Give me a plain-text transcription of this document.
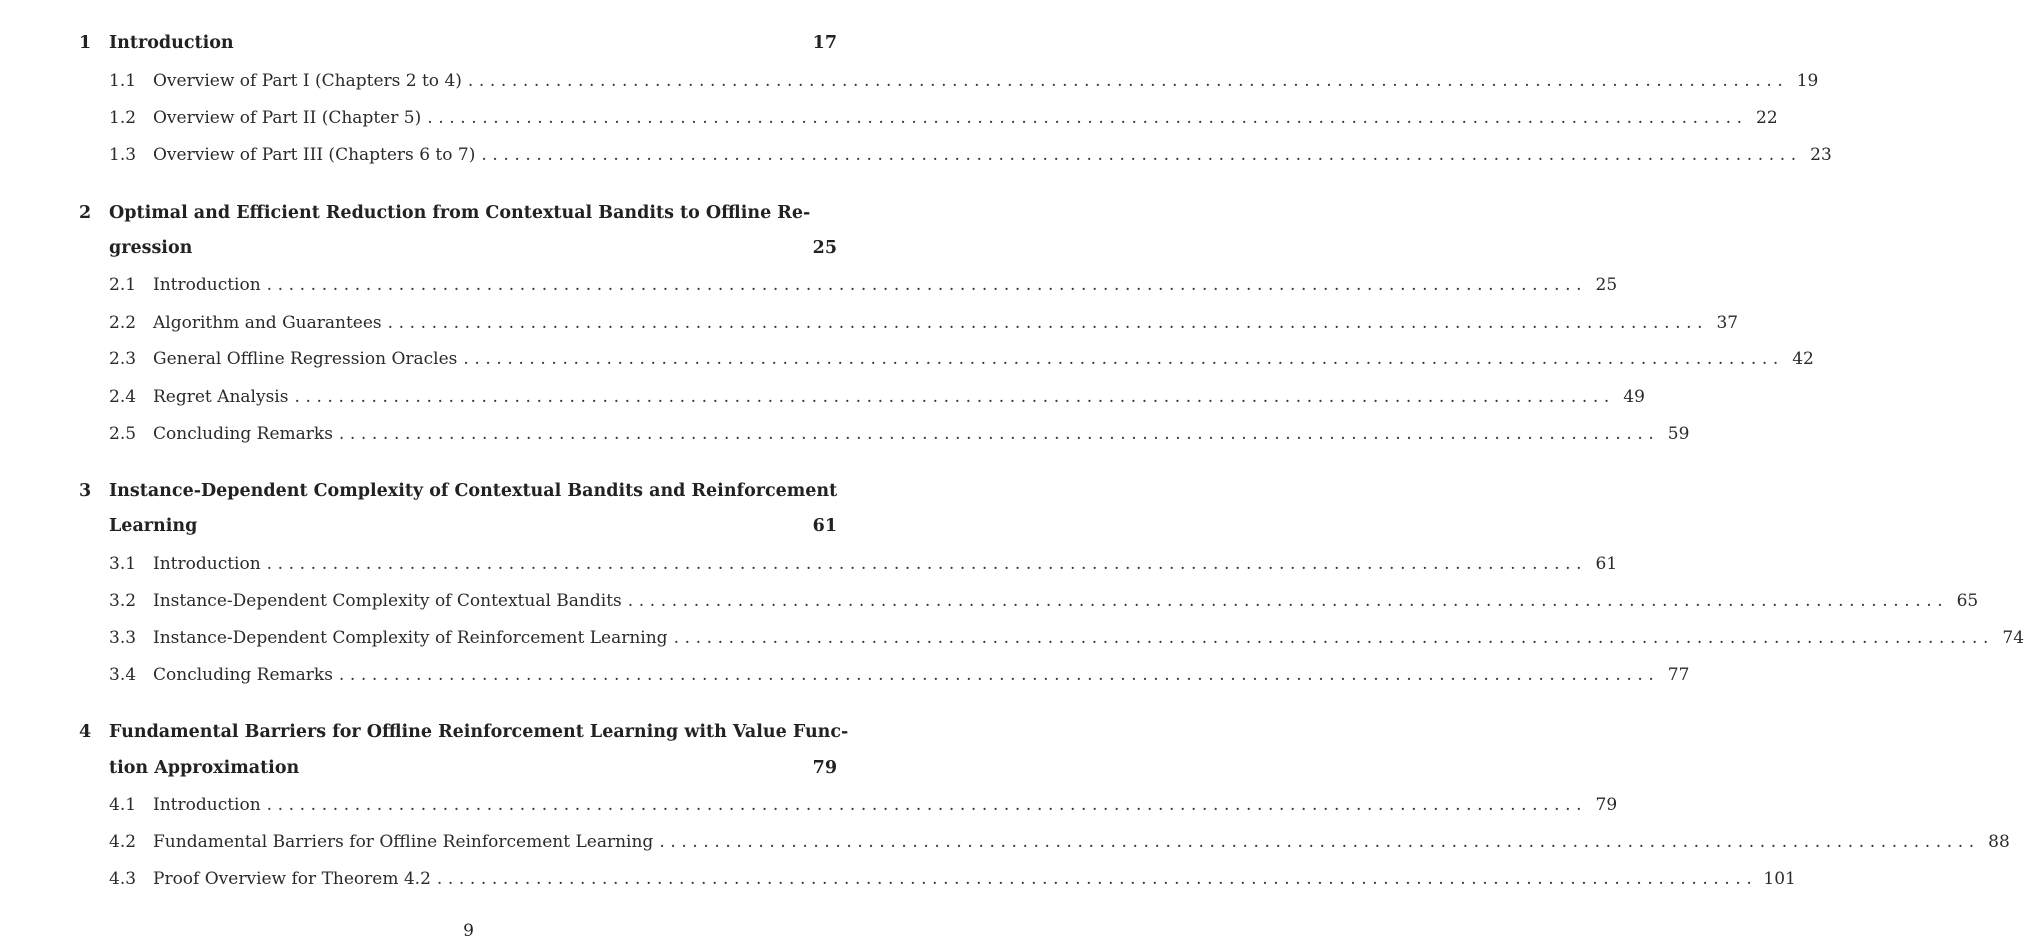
1 Introduction	17
1.1 Overview of Part I (Chapters 2 to 4) ........................................................................................................................ 19
1.2 Overview of Part II (Chapter 5) ........................................................................................................................ 22
1.3 Overview of Part III (Chapters 6 to 7) ........................................................................................................................ 23
2 Optimal and Efficient Reduction from Contextual Bandits to Offline Re-
gression	25
2.1 Introduction ........................................................................................................................ 25
2.2 Algorithm and Guarantees ........................................................................................................................ 37
2.3 General Offline Regression Oracles ........................................................................................................................ 42
2.4 Regret Analysis ........................................................................................................................ 49
2.5 Concluding Remarks ........................................................................................................................ 59
3 Instance-Dependent Complexity of Contextual Bandits and Reinforcement
Learning	61
3.1 Introduction ........................................................................................................................ 61
3.2 Instance-Dependent Complexity of Contextual Bandits ........................................................................................................................ 65
3.3 Instance-Dependent Complexity of Reinforcement Learning ........................................................................................................................ 74
3.4 Concluding Remarks ........................................................................................................................ 77
4 Fundamental Barriers for Offline Reinforcement Learning with Value Func-
tion Approximation	79
4.1 Introduction ........................................................................................................................ 79
4.2 Fundamental Barriers for Offline Reinforcement Learning ........................................................................................................................ 88
4.3 Proof Overview for Theorem 4.2 ........................................................................................................................ 101
9
